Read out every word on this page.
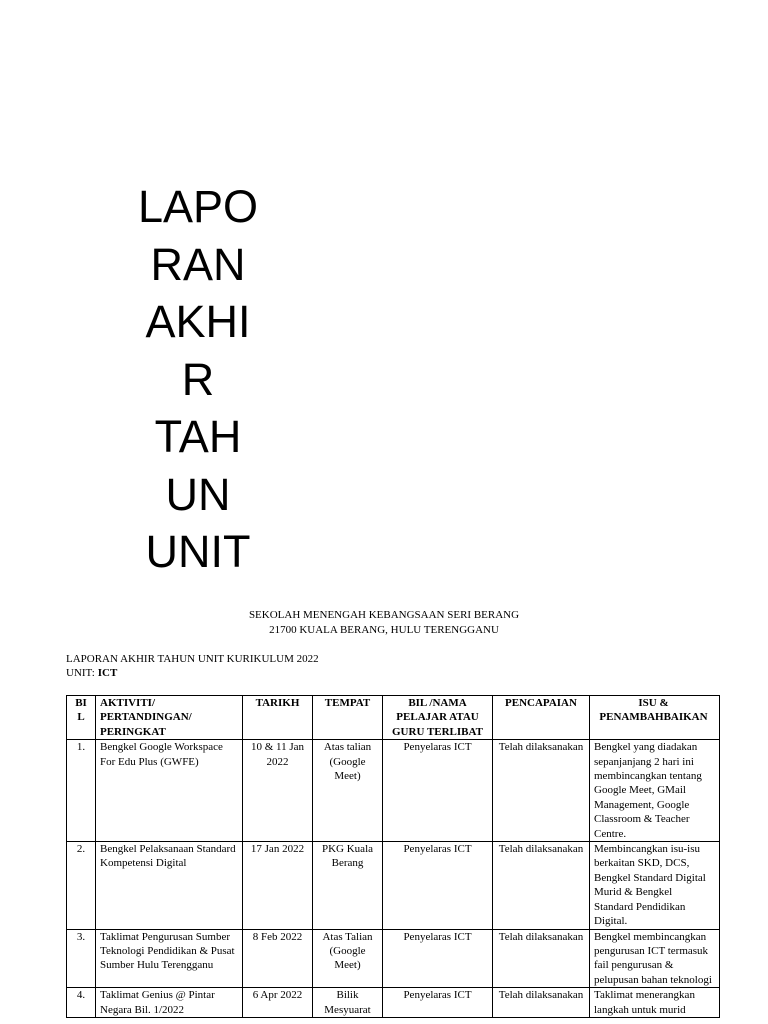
LAPO
RAN
AKHI
R
TAH
UN
UNIT
SEKOLAH MENENGAH KEBANGSAAN SERI BERANG
21700 KUALA BERANG, HULU TERENGGANU
LAPORAN AKHIR TAHUN UNIT KURIKULUM 2022
UNIT: ICT
BIL	AKTIVITI/ PERTANDINGAN/ PERINGKAT	TARIKH	TEMPAT	BIL /NAMA PELAJAR ATAU GURU TERLIBAT	PENCAPAIAN	ISU & PENAMBAHBAIKAN
1.	Bengkel Google Workspace For Edu Plus (GWFE)	10 & 11 Jan 2022	Atas talian (Google Meet)	Penyelaras ICT	Telah dilaksanakan	Bengkel yang diadakan sepanjanjang 2 hari ini membincangkan tentang Google Meet, GMail Management, Google Classroom & Teacher Centre.
2.	Bengkel Pelaksanaan Standard Kompetensi Digital	17 Jan 2022	PKG Kuala Berang	Penyelaras ICT	Telah dilaksanakan	Membincangkan isu-isu berkaitan SKD, DCS, Bengkel Standard Digital Murid & Bengkel Standard Pendidikan Digital.
3.	Taklimat Pengurusan Sumber Teknologi Pendidikan & Pusat Sumber Hulu Terengganu	8 Feb 2022	Atas Talian (Google Meet)	Penyelaras ICT	Telah dilaksanakan	Bengkel membincangkan pengurusan ICT termasuk fail pengurusan & pelupusan bahan teknologi
4.	Taklimat Genius @ Pintar Negara Bil. 1/2022	6 Apr 2022	Bilik Mesyuarat	Penyelaras ICT	Telah dilaksanakan	Taklimat menerangkan langkah untuk murid
